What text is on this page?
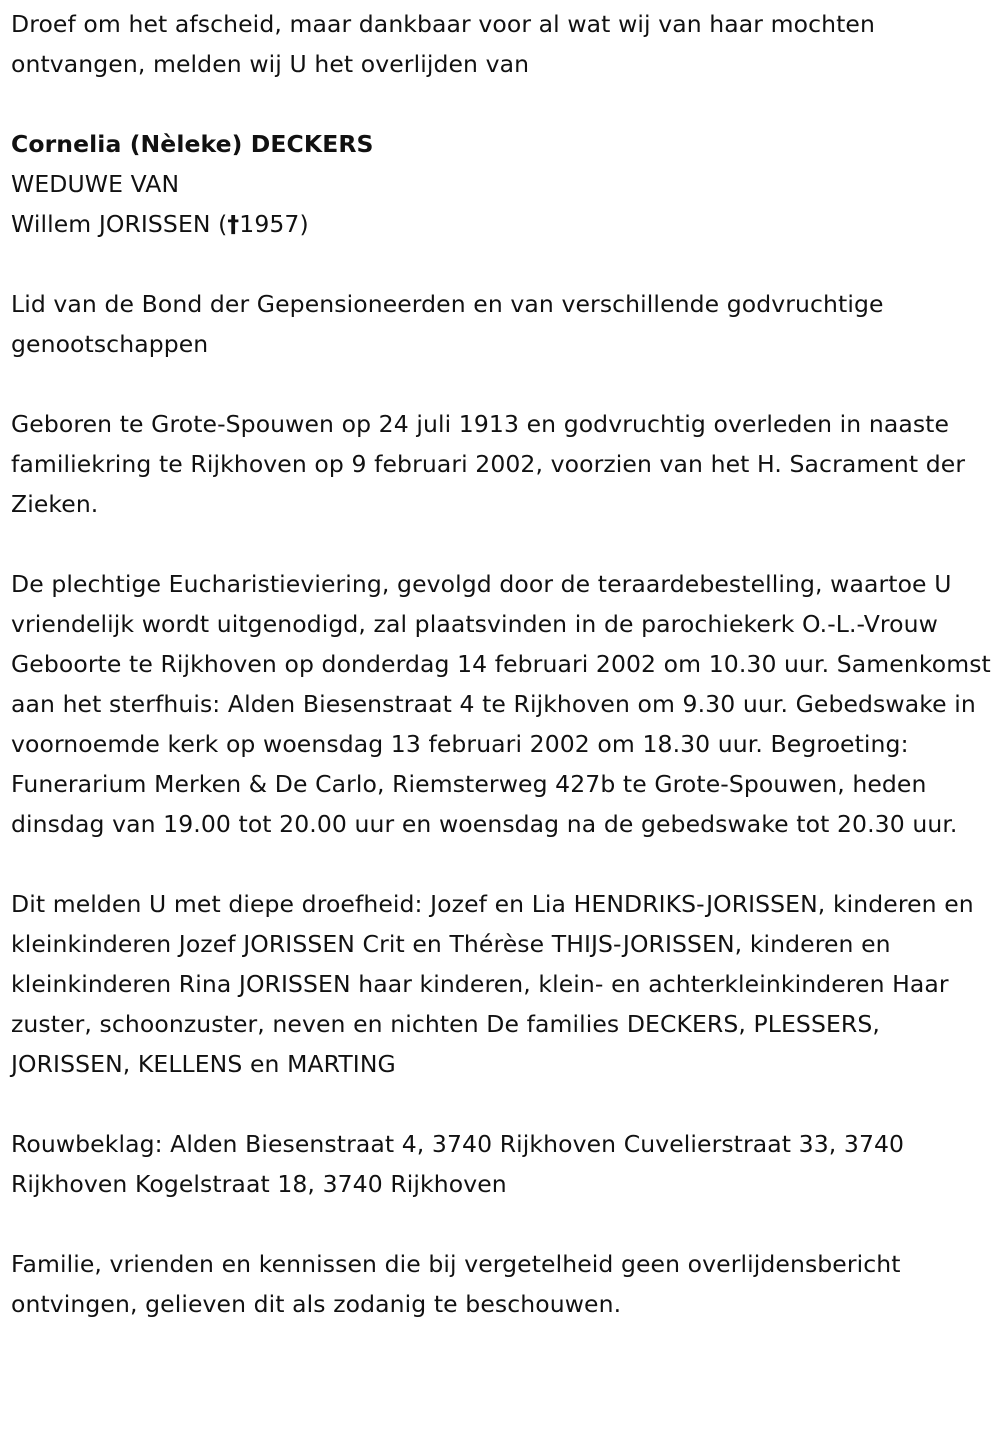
Droef om het afscheid, maar dankbaar voor al wat wij van haar mochten ontvangen, melden wij U het overlijden van

Cornelia (Nèleke) DECKERS

WEDUWE VAN

Willem JORISSEN (†1957)

Lid van de Bond der Gepensioneerden en van verschillende godvruchtige genootschappen

Geboren te Grote-Spouwen op 24 juli 1913 en godvruchtig overleden in naaste familiekring te Rijkhoven op 9 februari 2002, voorzien van het H. Sacrament der Zieken.

De plechtige Eucharistieviering, gevolgd door de teraardebestelling, waartoe U vriendelijk wordt uitgenodigd, zal plaatsvinden in de parochiekerk O.-L.-Vrouw Geboorte te Rijkhoven op donderdag 14 februari 2002 om 10.30 uur. Samenkomst aan het sterfhuis: Alden Biesenstraat 4 te Rijkhoven om 9.30 uur. Gebedswake in voornoemde kerk op woensdag 13 februari 2002 om 18.30 uur. Begroeting: Funerarium Merken & De Carlo, Riemsterweg 427b te Grote-Spouwen, heden dinsdag van 19.00 tot 20.00 uur en woensdag na de gebedswake tot 20.30 uur.

Dit melden U met diepe droefheid: Jozef en Lia HENDRIKS-JORISSEN, kinderen en kleinkinderen Jozef JORISSEN Crit en Thérèse THIJS-JORISSEN, kinderen en kleinkinderen Rina JORISSEN haar kinderen, klein- en achterkleinkinderen Haar zuster, schoonzuster, neven en nichten De families DECKERS, PLESSERS, JORISSEN, KELLENS en MARTING

Rouwbeklag: Alden Biesenstraat 4, 3740 Rijkhoven Cuvelierstraat 33, 3740 Rijkhoven Kogelstraat 18, 3740 Rijkhoven

Familie, vrienden en kennissen die bij vergetelheid geen overlijdensbericht ontvingen, gelieven dit als zodanig te beschouwen.
